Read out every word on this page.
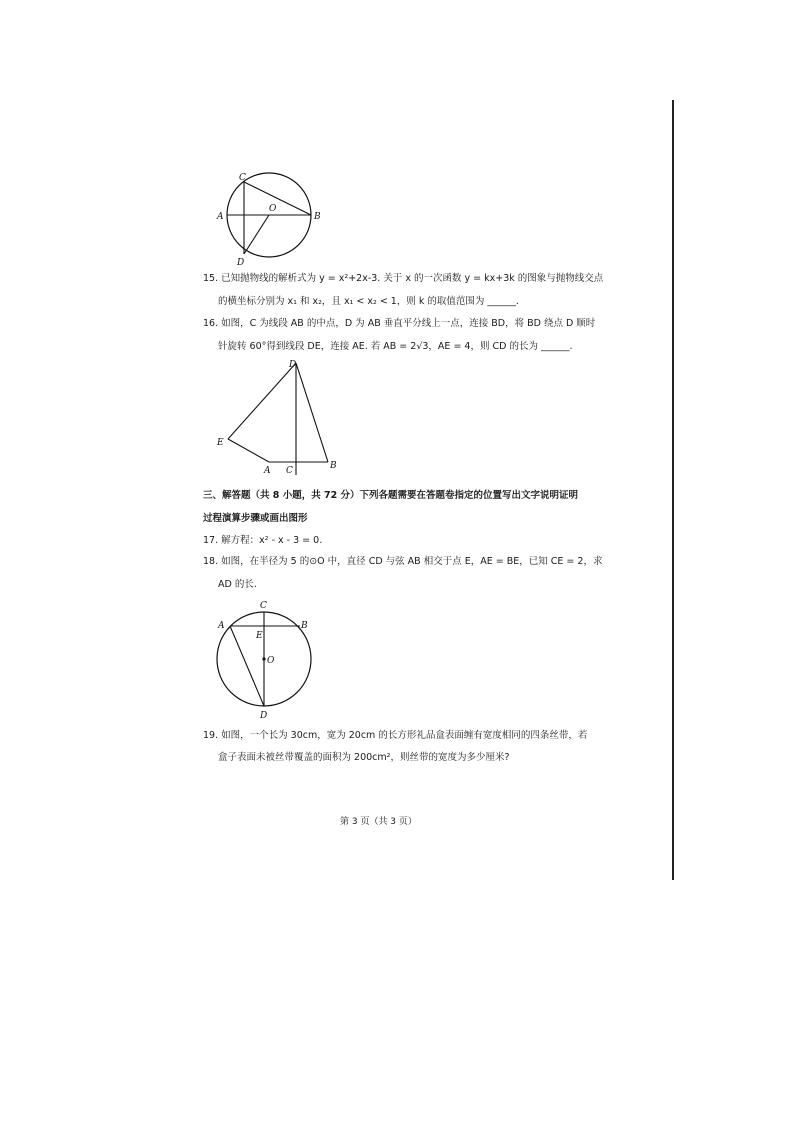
C
O
A	B
D
15. 已知抛物线的解析式为 y = x²+2x-3. 关于 x 的一次函数 y = kx+3k 的图象与抛物线交点
的横坐标分别为 x₁ 和 x₂，且 x₁ < x₂ < 1，则 k 的取值范围为 ______.
16. 如图，C 为线段 AB 的中点，D 为 AB 垂直平分线上一点，连接 BD，将 BD 绕点 D 顺时
针旋转 60°得到线段 DE，连接 AE. 若 AB = 2√3，AE = 4，则 CD 的长为 ______.
D
E
A C	B
三、解答题（共 8 小题，共 72 分）下列各题需要在答题卷指定的位置写出文字说明证明
过程演算步骤或画出图形
17. 解方程：x² - x - 3 = 0.
18. 如图，在半径为 5 的⊙O 中，直径 CD 与弦 AB 相交于点 E，AE = BE，已知 CE = 2，求
AD 的长.
C
A
E
B
O
D
19. 如图，一个长为 30cm，宽为 20cm 的长方形礼品盒表面缠有宽度相同的四条丝带，若
盒子表面未被丝带覆盖的面积为 200cm²，则丝带的宽度为多少厘米?
第 3 页（共 3 页）
